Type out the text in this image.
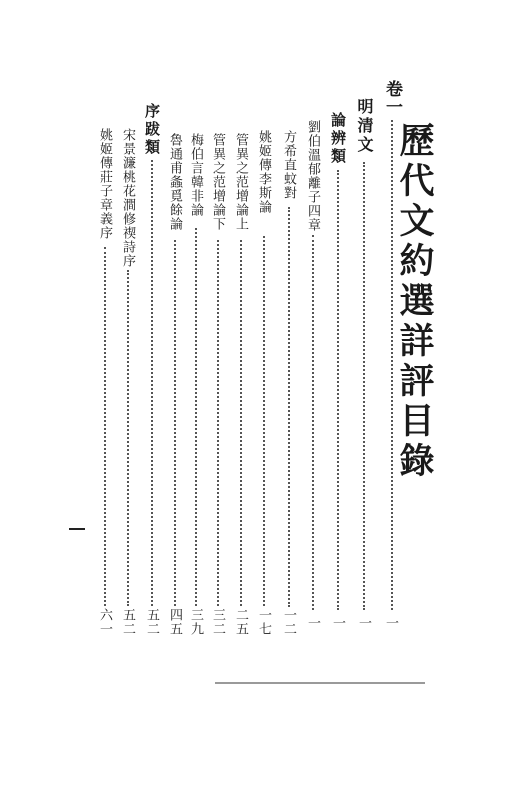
歷代文約選詳評目錄
卷一
一
明清文
一
論辨類
一
劉伯溫郁離子四章
一
方希直蚊對
一二
姚姬傳李斯論
一七
管異之范增論上
二五
管異之范增論下
三二
梅伯言韓非論
三九
魯通甫螽覓餘論
四五
序跋類
五二
宋景濂桃花澗修禊詩序
五二
姚姬傳莊子章義序
六一
